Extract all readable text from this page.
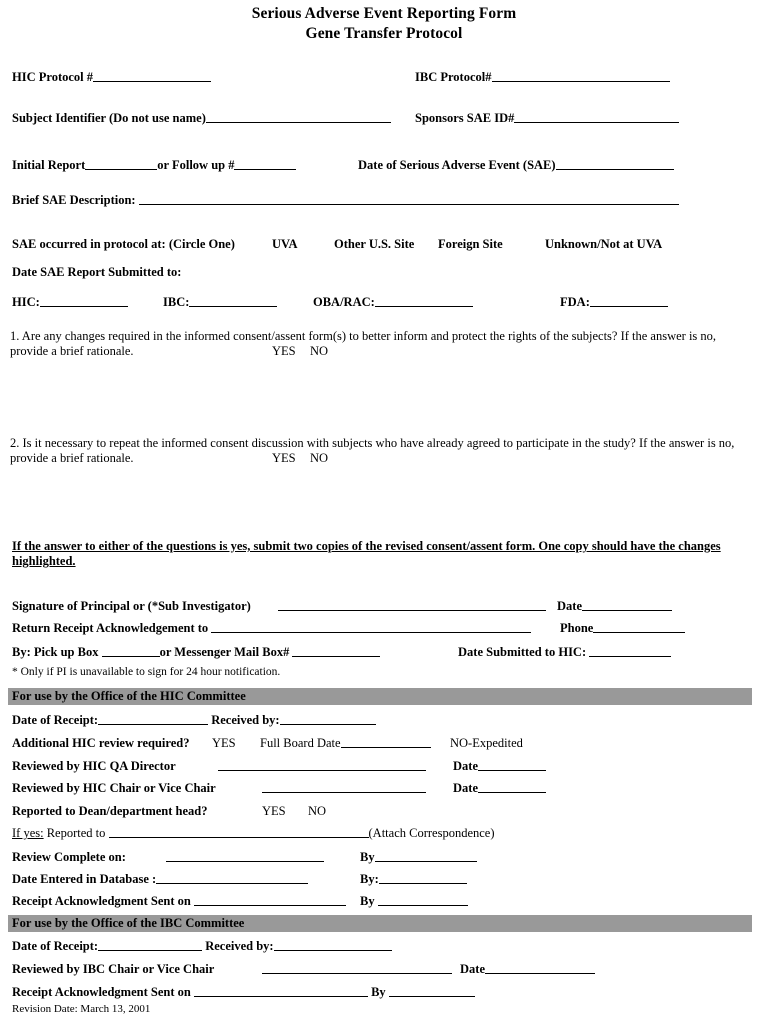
Serious Adverse Event Reporting Form
Gene Transfer Protocol
HIC Protocol #	IBC Protocol#
Subject Identifier (Do not use name)	Sponsors SAE ID#
Initial Report	or Follow up #	Date of Serious Adverse Event (SAE)
Brief SAE Description:
SAE occurred in protocol at: (Circle One)	UVA	Other U.S. Site Foreign Site	Unknown/Not at UVA
Date SAE Report Submitted to:
HIC:	IBC:	OBA/RAC:	FDA:
1. Are any changes required in the informed consent/assent form(s) to better inform and protect the rights of the subjects? If the answer is no,
provide a brief rationale.	YES NO
2. Is it necessary to repeat the informed consent discussion with subjects who have already agreed to participate in the study? If the answer is no,
provide a brief rationale.	YES NO
If the answer to either of the questions is yes, submit two copies of the revised consent/assent form. One copy should have the changes
highlighted.
Signature of Principal or (*Sub Investigator)	Date
Return Receipt Acknowledgement to	Phone
By: Pick up Box	or Messenger Mail Box#	Date Submitted to HIC:
* Only if PI is unavailable to sign for 24 hour notification.
For use by the Office of the HIC Committee
Date of Receipt:	Received by:
Additional HIC review required? YES Full Board Date	NO-Expedited
Reviewed by HIC QA Director	Date
Reviewed by HIC Chair or Vice Chair	Date
Reported to Dean/department head?	YES NO
If yes: Reported to	(Attach Correspondence)
Review Complete on:	By
Date Entered in Database :	By:
Receipt Acknowledgment Sent on	By
For use by the Office of the IBC Committee
Date of Receipt:	Received by:
Reviewed by IBC Chair or Vice Chair	Date
Receipt Acknowledgment Sent on	By
Revision Date: March 13, 2001
